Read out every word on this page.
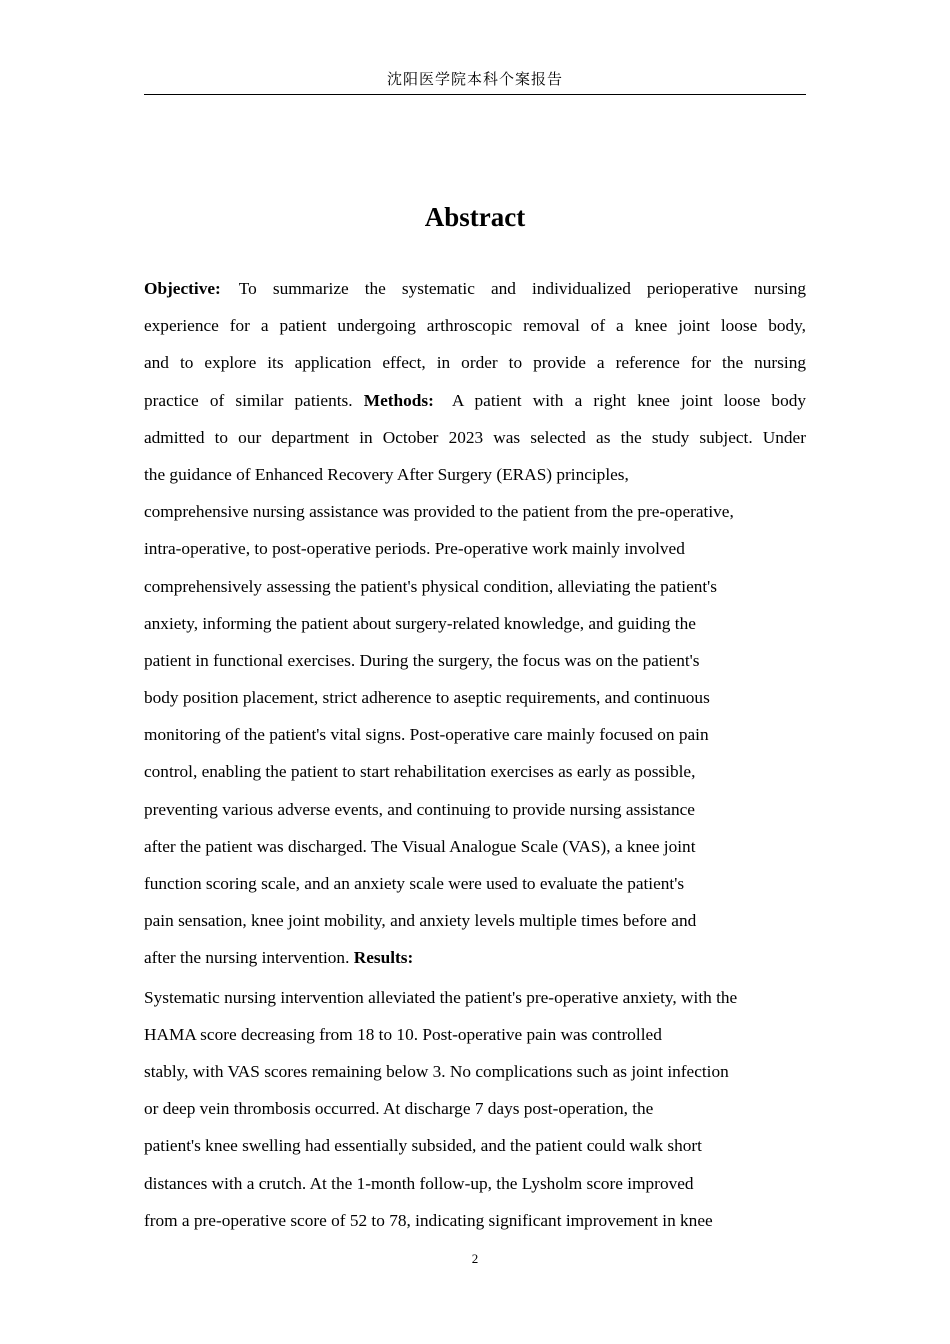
沈阳医学院本科个案报告
Abstract
Objective: To summarize the systematic and individualized perioperative nursing
experience for a patient undergoing arthroscopic removal of a knee joint loose body,
and to explore its application effect, in order to provide a reference for the nursing
practice of similar patients. Methods: A patient with a right knee joint loose body
admitted to our department in October 2023 was selected as the study subject. Under
the guidance of Enhanced Recovery After Surgery (ERAS) principles,
comprehensive nursing assistance was provided to the patient from the pre-operative,
intra-operative, to post-operative periods. Pre-operative work mainly involved
comprehensively assessing the patient's physical condition, alleviating the patient's
anxiety, informing the patient about surgery-related knowledge, and guiding the
patient in functional exercises. During the surgery, the focus was on the patient's
body position placement, strict adherence to aseptic requirements, and continuous
monitoring of the patient's vital signs. Post-operative care mainly focused on pain
control, enabling the patient to start rehabilitation exercises as early as possible,
preventing various adverse events, and continuing to provide nursing assistance
after the patient was discharged. The Visual Analogue Scale (VAS), a knee joint
function scoring scale, and an anxiety scale were used to evaluate the patient's
pain sensation, knee joint mobility, and anxiety levels multiple times before and
after the nursing intervention. Results:
Systematic nursing intervention alleviated the patient's pre-operative anxiety, with the
HAMA score decreasing from 18 to 10. Post-operative pain was controlled
stably, with VAS scores remaining below 3. No complications such as joint infection
or deep vein thrombosis occurred. At discharge 7 days post-operation, the
patient's knee swelling had essentially subsided, and the patient could walk short
distances with a crutch. At the 1-month follow-up, the Lysholm score improved
from a pre-operative score of 52 to 78, indicating significant improvement in knee
2
